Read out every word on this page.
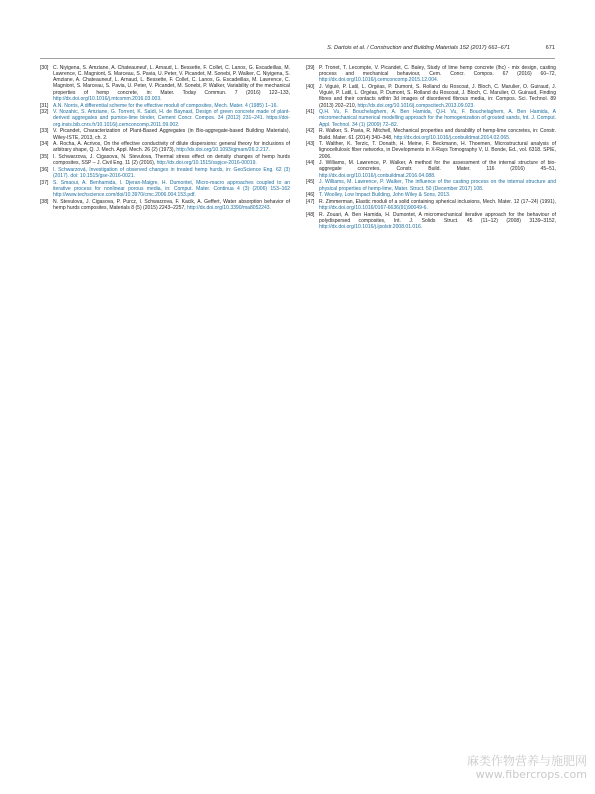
S. Dartois et al. / Construction and Building Materials 152 (2017) 661–671	671
[30] C. Niyigena, S. Amziane, A. Chateauneuf, L. Arnaud, L. Bessette, F. Collet, C. Lanos, G. Escadeillas, M. Lawrence, C. Magniont, S. Marceau, S. Pavia, U. Peter, V. Picandet, M. Sonebi, P. Walker, C. Niyigena, S. Amziane, A. Chateauneuf, L. Arnaud, L. Bessette, F. Collet, C. Lanos, G. Escadeillas, M. Lawrence, C. Magniont, S. Marceau, S. Pavia, U. Peter, V. Picandet, M. Sonebi, P. Walker, Variability of the mechanical properties of hemp concrete, in: Mater. Today Commun. 7 (2016) 122–133, http://dx.doi.org/10.1016/j.mtcomm.2016.03.003.
[31] A.N. Norris, A differential scheme for the effective moduli of composites, Mech. Mater. 4 (1985) 1–16.
[32] V. Nozahic, S. Amziane, G. Torrent, K. Saïdi, H. de Baynast, Design of green concrete made of plant-derived aggregates and pumice-lime binder, Cement Concr. Compos. 34 (2012) 231–241. https://doi-org.insis.bib.cnrs.fr/10.1016/j.cemconcomp.2011.09.002.
[33] V. Picandet, Characterization of Plant-Based Aggregates (in Bio-aggregate-based Building Materials), Wiley-ISTE, 2013, ch. 2.
[34] A. Rocha, A. Acrivos, On the effective conductivity of dilute dispersions: general theory for inclusions of arbitrary shape, Q. J. Mech. Appl. Mech. 26 (2) (1973), http://dx.doi.org/10.1093/qjmam/26.2.217.
[35] I. Schwarzova, J. Cigasova, N. Stevulova, Thermal stress effect on density changes of hemp hurds composites, SSP – J. Civil Eng. 11 (2) (2016), http://dx.doi.org/10.1515/sspjce-2016-00019.
[36] I. Schwarzová, Investigation of observed changes in treated hemp hurds, in: GeoScience Eng. 62 (3) (2017). doi: 10.1515/gse-2016-0021.
[37] S. Smaoui, A. Benhamida, I. Djeran-Maigre, H. Dumontet, Micro-macro approaches coupled to an iterative process for nonlinear porous media, in: Comput. Mater. Continua 4 (3) (2006) 153–162 http://www.techscience.com/doi/10.3970/cmc.2006.004.153.pdf.
[38] N. Stevulova, J. Cigasova, P. Purcz, I. Schwarzova, F. Kacik, A. Geffert, Water absorption behavior of hemp hurds composites, Materials 8 (5) (2015) 2243–2257, http://dx.doi.org/10.3390/ma8052243.
[39] P. Tronet, T. Lecompte, V. Picandet, C. Baley, Study of lime hemp concrete (lhc) - mix design, casting process and mechanical behaviour, Cem. Concr. Compos. 67 (2016) 60–72, http://dx.doi.org/10.1016/j.cemconcomp.2015.12.004.
[40] J. Viguié, P. Latil, L. Orgéas, P. Dumont, S. Rolland du Roscoat, J. Bloch, C. Marulier, O. Guiraud, J. Viguié, P. Latil, L. Orgéas, P. Dumont, S. Rolland du Roscoat, J. Bloch, C. Marulier, O. Guiraud, Finding fibres and their contacts within 3d images of disordered fibrous media, in: Compos. Sci. Technol. 89 (2013) 202–210, http://dx.doi.org/10.1016/j.compscitech.2013.09.023.
[41] Q.H. Vu, F. Bouchelaghem, A. Ben Hamida, Q.H. Vu, F. Bouchelaghem, A. Ben Hamida, A micromechanical numerical modelling approach for the homogenization of grouted sands, Int. J. Comput. Appl. Technol. 34 (1) (2009) 72–82.
[42] R. Walker, S. Pavia, R. Mitchell, Mechanical properties and durability of hemp-lime concretes, in: Constr. Build. Mater. 61 (2014) 340–348, http://dx.doi.org/10.1016/j.conbuildmat.2014.02.065.
[43] T. Walther, K. Terzic, T. Donath, H. Meine, F. Beckmann, H. Thoemen, Microstructural analysis of lignocellulosic fiber networks, in Developments in X-Rays Tomography V, U. Bonde, Ed., vol. 6318. SPIE, 2006.
[44] J. Williams, M. Lawrence, P. Walker, A method for the assessment of the internal structure of bio-aggregate concretes, Constr. Build. Mater. 116 (2016) 45–51, http://dx.doi.org/10.1016/j.conbuildmat.2016.04.088.
[45] J. Williams, M. Lawrence, P. Walker, The influence of the casting process on the internal structure and physical properties of hemp-lime, Mater. Struct. 50 (December 2017) 108.
[46] T. Woolley, Low Impact Building, John Wiley & Sons, 2013.
[47] R. Zimmerman, Elastic moduli of a solid containing spherical inclusions, Mech. Mater. 12 (17–24) (1991), http://dx.doi.org/10.1016/0167-6636(91)90049-6.
[48] R. Zouari, A. Ben Hamida, H. Dumontet, A micromechanical iterative approach for the behaviour of polydispersed composites, Int. J. Solids Struct. 45 (11–12) (2008) 3139–3152, http://dx.doi.org/10.1016/j.ijsolstr.2008.01.016.
麻类作物营养与施肥网
www.fibercrops.com
